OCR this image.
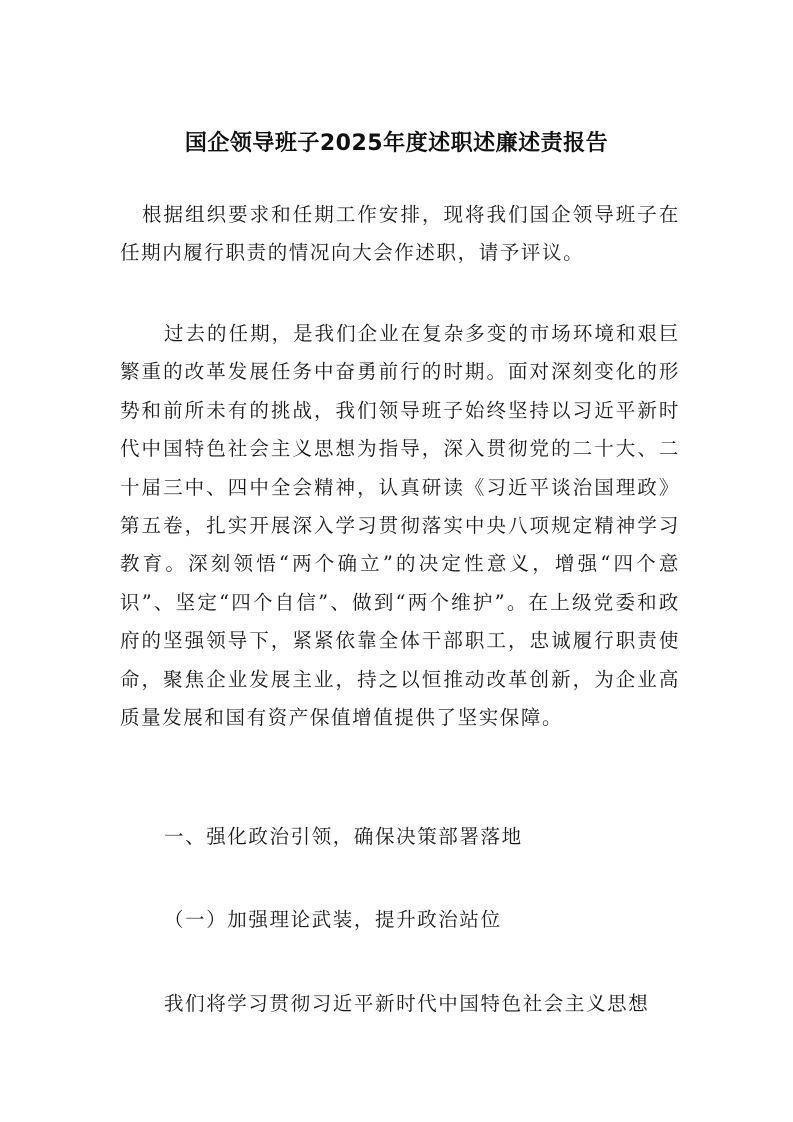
国企领导班子2025年度述职述廉述责报告

根据组织要求和任期工作安排，现将我们国企领导班子在任期内履行职责的情况向大会作述职，请予评议。

过去的任期，是我们企业在复杂多变的市场环境和艰巨繁重的改革发展任务中奋勇前行的时期。面对深刻变化的形势和前所未有的挑战，我们领导班子始终坚持以习近平新时代中国特色社会主义思想为指导，深入贯彻党的二十大、二十届三中、四中全会精神，认真研读《习近平谈治国理政》第五卷，扎实开展深入学习贯彻落实中央八项规定精神学习教育。深刻领悟“两个确立”的决定性意义，增强“四个意识”、坚定“四个自信”、做到“两个维护”。在上级党委和政府的坚强领导下，紧紧依靠全体干部职工，忠诚履行职责使命，聚焦企业发展主业，持之以恒推动改革创新，为企业高质量发展和国有资产保值增值提供了坚实保障。

一、强化政治引领，确保决策部署落地
（一）加强理论武装，提升政治站位

我们将学习贯彻习近平新时代中国特色社会主义思想
